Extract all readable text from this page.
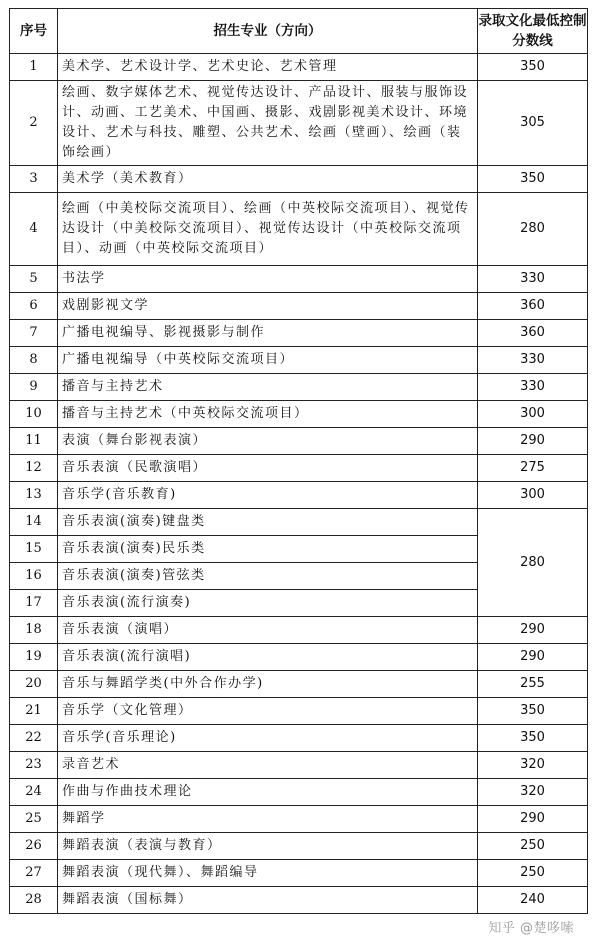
序号	招生专业（方向）	录取文化最低控制分数线
1	美术学、艺术设计学、艺术史论、艺术管理	350
2	绘画、数字媒体艺术、视觉传达设计、产品设计、服装与服饰设计、动画、工艺美术、中国画、摄影、戏剧影视美术设计、环境设计、艺术与科技、雕塑、公共艺术、绘画（壁画）、绘画（装饰绘画）	305
3	美术学（美术教育）	350
4	绘画（中美校际交流项目）、绘画（中英校际交流项目）、视觉传达设计（中美校际交流项目）、视觉传达设计（中英校际交流项目）、动画（中英校际交流项目）	280
5	书法学	330
6	戏剧影视文学	360
7	广播电视编导、影视摄影与制作	360
8	广播电视编导（中英校际交流项目）	330
9	播音与主持艺术	330
10	播音与主持艺术（中英校际交流项目）	300
11	表演（舞台影视表演）	290
12	音乐表演（民歌演唱）	275
13	音乐学(音乐教育)	300
14	音乐表演(演奏)键盘类	280
15	音乐表演(演奏)民乐类	
16	音乐表演(演奏)管弦类	
17	音乐表演(流行演奏)	
18	音乐表演（演唱）	290
19	音乐表演(流行演唱)	290
20	音乐与舞蹈学类(中外合作办学)	255
21	音乐学（文化管理）	350
22	音乐学(音乐理论)	350
23	录音艺术	320
24	作曲与作曲技术理论	320
25	舞蹈学	290
26	舞蹈表演（表演与教育）	250
27	舞蹈表演（现代舞）、舞蹈编导	250
28	舞蹈表演（国标舞）	240
知乎 @楚哆嗦
